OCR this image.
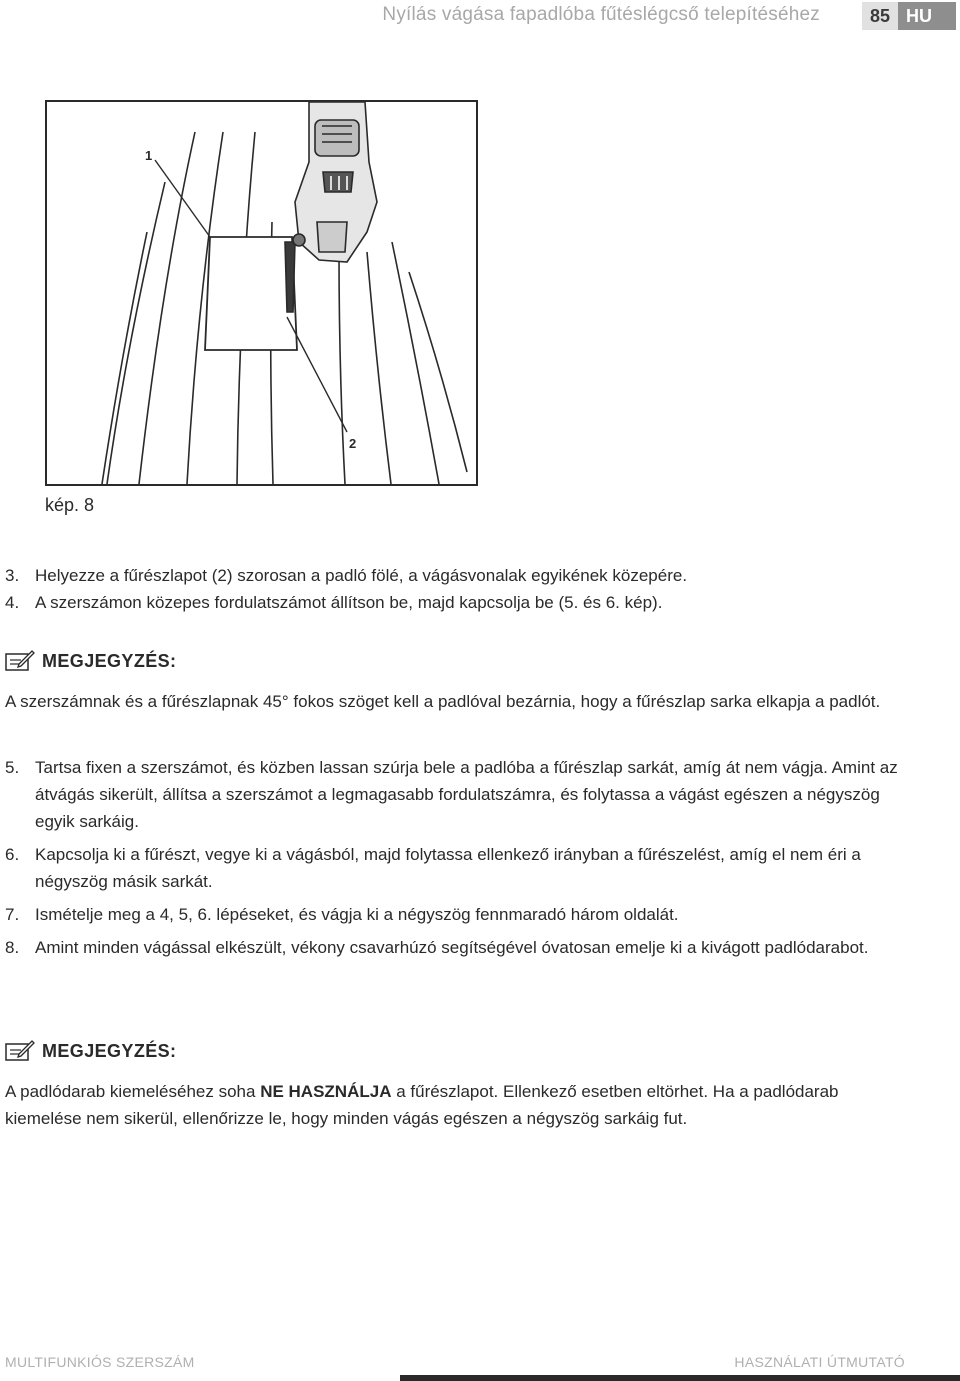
Nyílás vágása fapadlóba fűtéslégcső telepítéséhez	85 HU
1
2
kép. 8
3. Helyezze a fűrészlapot (2) szorosan a padló fölé, a vágásvonalak egyikének közepére.
4. A szerszámon közepes fordulatszámot állítson be, majd kapcsolja be (5. és 6. kép).
MEGJEGYZÉS:
A szerszámnak és a fűrészlapnak 45° fokos szöget kell a padlóval bezárnia, hogy a fűrészlap sarka elkapja a padlót.
5. Tartsa fixen a szerszámot, és közben lassan szúrja bele a padlóba a fűrészlap sarkát, amíg át nem vágja. Amint az átvágás sikerült, állítsa a szerszámot a legmagasabb fordulatszámra, és folytassa a vágást egészen a négyszög egyik sarkáig.
6. Kapcsolja ki a fűrészt, vegye ki a vágásból, majd folytassa ellenkező irányban a fűrészelést, amíg el nem éri a négyszög másik sarkát.
7. Ismételje meg a 4, 5, 6. lépéseket, és vágja ki a négyszög fennmaradó három oldalát.
8. Amint minden vágással elkészült, vékony csavarhúzó segítségével óvatosan emelje ki a kivágott padlódarabot.
MEGJEGYZÉS:
A padlódarab kiemeléséhez soha NE HASZNÁLJA a fűrészlapot. Ellenkező esetben eltörhet. Ha a padlódarab kiemelése nem sikerül, ellenőrizze le, hogy minden vágás egészen a négyszög sarkáig fut.
MULTIFUNKIÓS SZERSZÁM	HASZNÁLATI ÚTMUTATÓ
